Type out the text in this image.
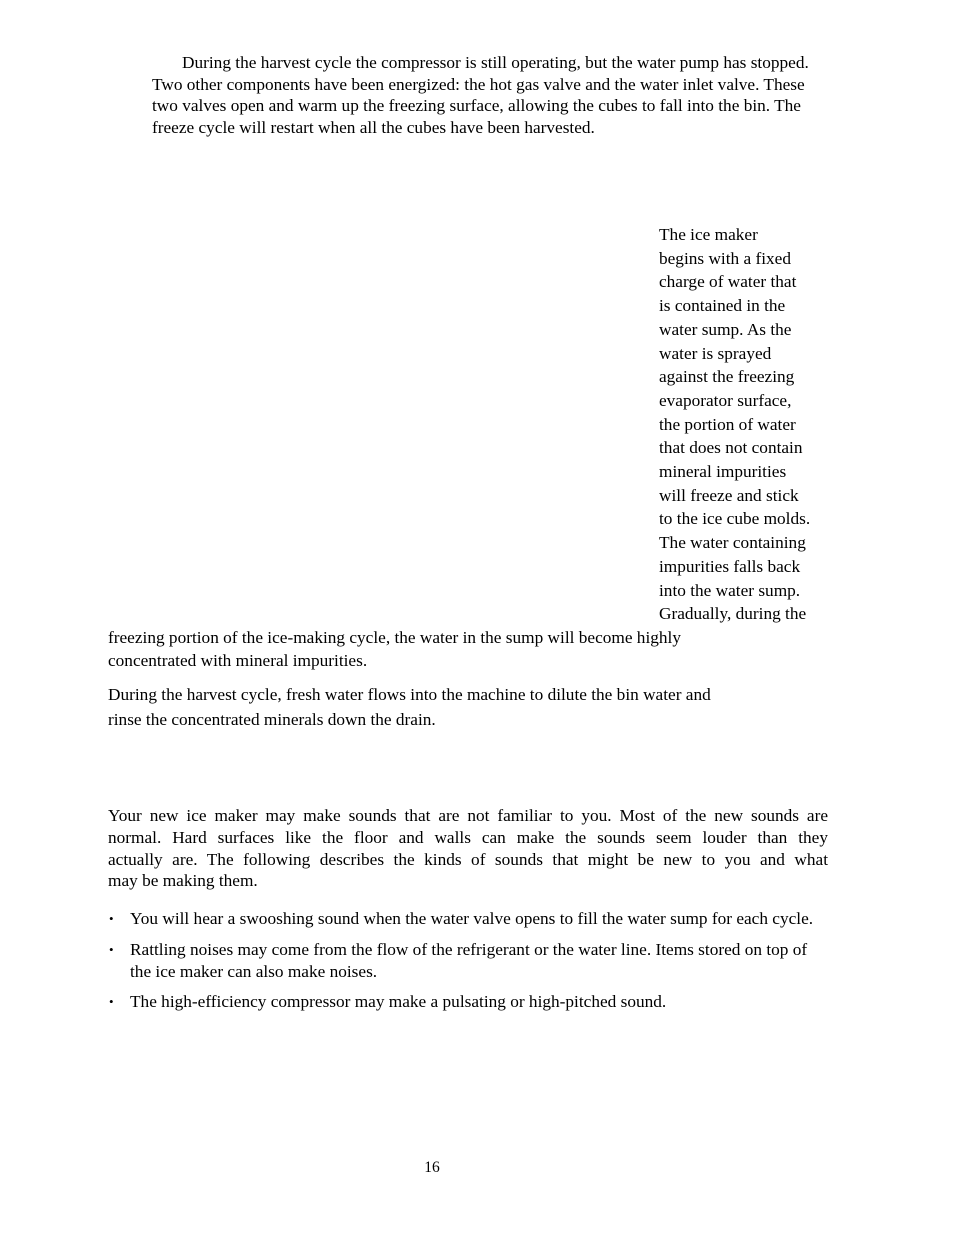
During the harvest cycle the compressor is still operating, but the water pump has stopped. Two other components have been energized: the hot gas valve and the water inlet valve. These two valves open and warm up the freezing surface, allowing the cubes to fall into the bin. The freeze cycle will restart when all the cubes have been harvested.
The ice maker
begins with a fixed
charge of water that
is contained in the
water sump. As the
water is sprayed
against the freezing
evaporator surface,
the portion of water
that does not contain
mineral impurities
will freeze and stick
to the ice cube molds.
The water containing
impurities falls back
into the water sump.
Gradually, during the
freezing portion of the ice-making cycle, the water in the sump will become highly
concentrated with mineral impurities.
During the harvest cycle, fresh water flows into the machine to dilute the bin water and
rinse the concentrated minerals down the drain.
Your new ice maker may make sounds that are not familiar to you. Most of the new sounds are
normal. Hard surfaces like the floor and walls can make the sounds seem louder than they
actually are. The following describes the kinds of sounds that might be new to you and what
may be making them.
• You will hear a swooshing sound when the water valve opens to fill the water sump for each cycle.
• Rattling noises may come from the flow of the refrigerant or the water line. Items stored on top of the ice maker can also make noises.
• The high-efficiency compressor may make a pulsating or high-pitched sound.
16
